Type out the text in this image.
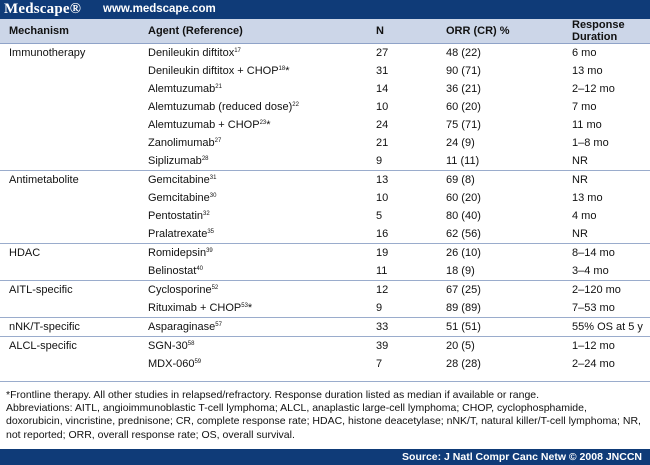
Medscape® www.medscape.com
Mechanism	Agent (Reference)	N	ORR (CR) %	Response Duration
Immunotherapy	Denileukin diftitox$^{17}$	27	48 (22)	6 mo
	Denileukin diftitox + $CHOP^{18}*$	31	90 (71)	13 mo
	Alemtuzumab$^{21}$	14	36 (21)	2–12 mo
	Alemtuzumab (reduced dose)$^{22}$	10	60 (20)	7 mo
	Alemtuzumab + $CHOP^{23}*$	24	75 (71)	11 mo
	Zanolimumab$^{27}$	21	24 (9)	1–8 mo
	Siplizumab$^{28}$	9	11 (11)	NR
Antimetabolite	Gemcitabine$^{31}$	13	69 (8)	NR
	Gemcitabine$^{30}$	10	60 (20)	13 mo
	Pentostatin$^{32}$	5	80 (40)	4 mo
	Pralatrexate$^{35}$	16	62 (56)	NR
HDAC	Romidepsin$^{39}$	19	26 (10)	8–14 mo
	Belinostat$^{40}$	11	18 (9)	3–4 mo
AITL-specific	Cyclosporine$^{52}$	12	67 (25)	2–120 mo
	Rituximab + $CHOP^{53}*$	9	89 (89)	7–53 mo
nNK/T-specific	Asparaginase$^{57}$	33	51 (51)	55% OS at 5 y
ALCL-specific	SGN-$30^{58}$	39	20 (5)	1–12 mo
	MDX-$060^{59}$	7	28 (28)	2–24 mo
*Frontline therapy. All other studies in relapsed/refractory. Response duration listed as median if available or range.
Abbreviations: AITL, angioimmunoblastic T-cell lymphoma; ALCL, anaplastic large-cell lymphoma; CHOP, cyclophosphamide, doxorubicin, vincristine, prednisone; CR, complete response rate; HDAC, histone deacetylase; nNK/T, natural killer/T-cell lymphoma; NR, not reported; ORR, overall response rate; OS, overall survival.
Source: J Natl Compr Canc Netw © 2008 JNCCN
